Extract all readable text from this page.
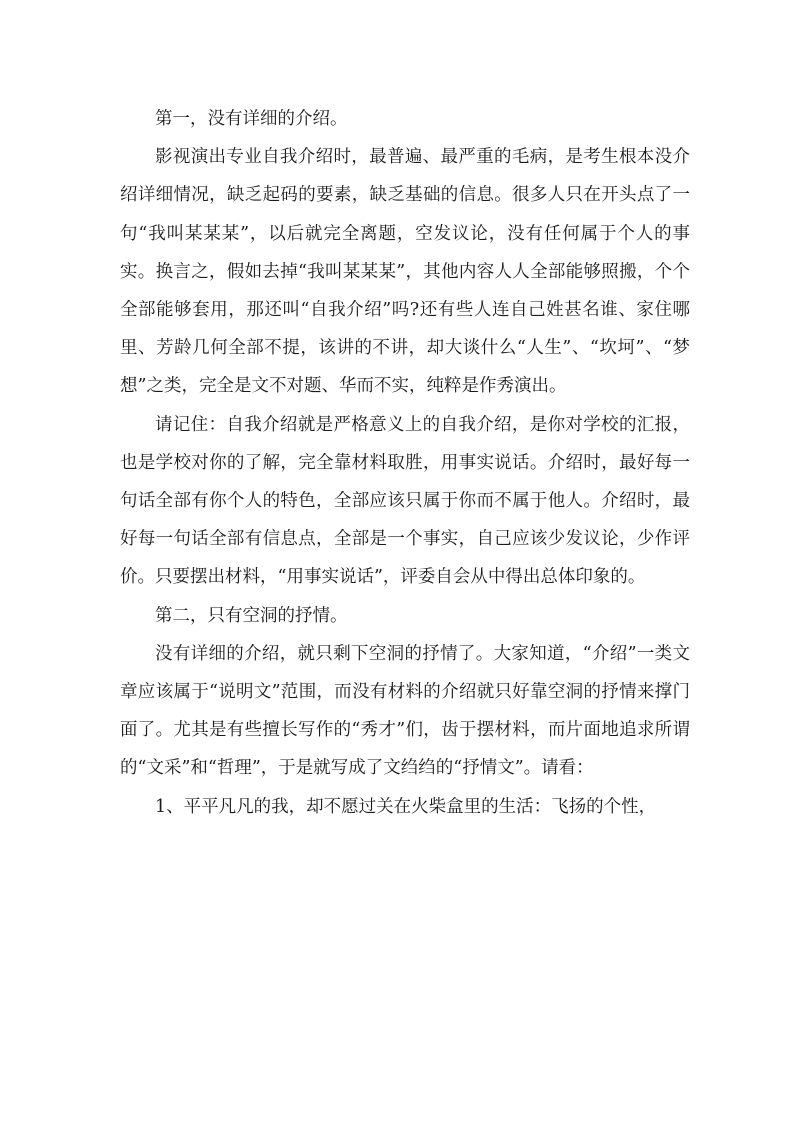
第一，没有详细的介绍。

影视演出专业自我介绍时，最普遍、最严重的毛病，是考生根本没介绍详细情况，缺乏起码的要素，缺乏基础的信息。很多人只在开头点了一句“我叫某某某”，以后就完全离题，空发议论，没有任何属于个人的事实。换言之，假如去掉“我叫某某某”，其他内容人人全部能够照搬，个个全部能够套用，那还叫“自我介绍”吗?还有些人连自己姓甚名谁、家住哪里、芳龄几何全部不提，该讲的不讲，却大谈什么“人生”、“坎坷”、“梦想”之类，完全是文不对题、华而不实，纯粹是作秀演出。

请记住：自我介绍就是严格意义上的自我介绍，是你对学校的汇报，也是学校对你的了解，完全靠材料取胜，用事实说话。介绍时，最好每一句话全部有你个人的特色，全部应该只属于你而不属于他人。介绍时，最好每一句话全部有信息点，全部是一个事实，自己应该少发议论，少作评价。只要摆出材料，“用事实说话”，评委自会从中得出总体印象的。

第二，只有空洞的抒情。

没有详细的介绍，就只剩下空洞的抒情了。大家知道，“介绍”一类文章应该属于“说明文”范围，而没有材料的介绍就只好靠空洞的抒情来撑门面了。尤其是有些擅长写作的“秀才”们，齿于摆材料，而片面地追求所谓的“文采”和“哲理”，于是就写成了文绉绉的“抒情文”。请看：

1、平平凡凡的我，却不愿过关在火柴盒里的生活：飞扬的个性，
